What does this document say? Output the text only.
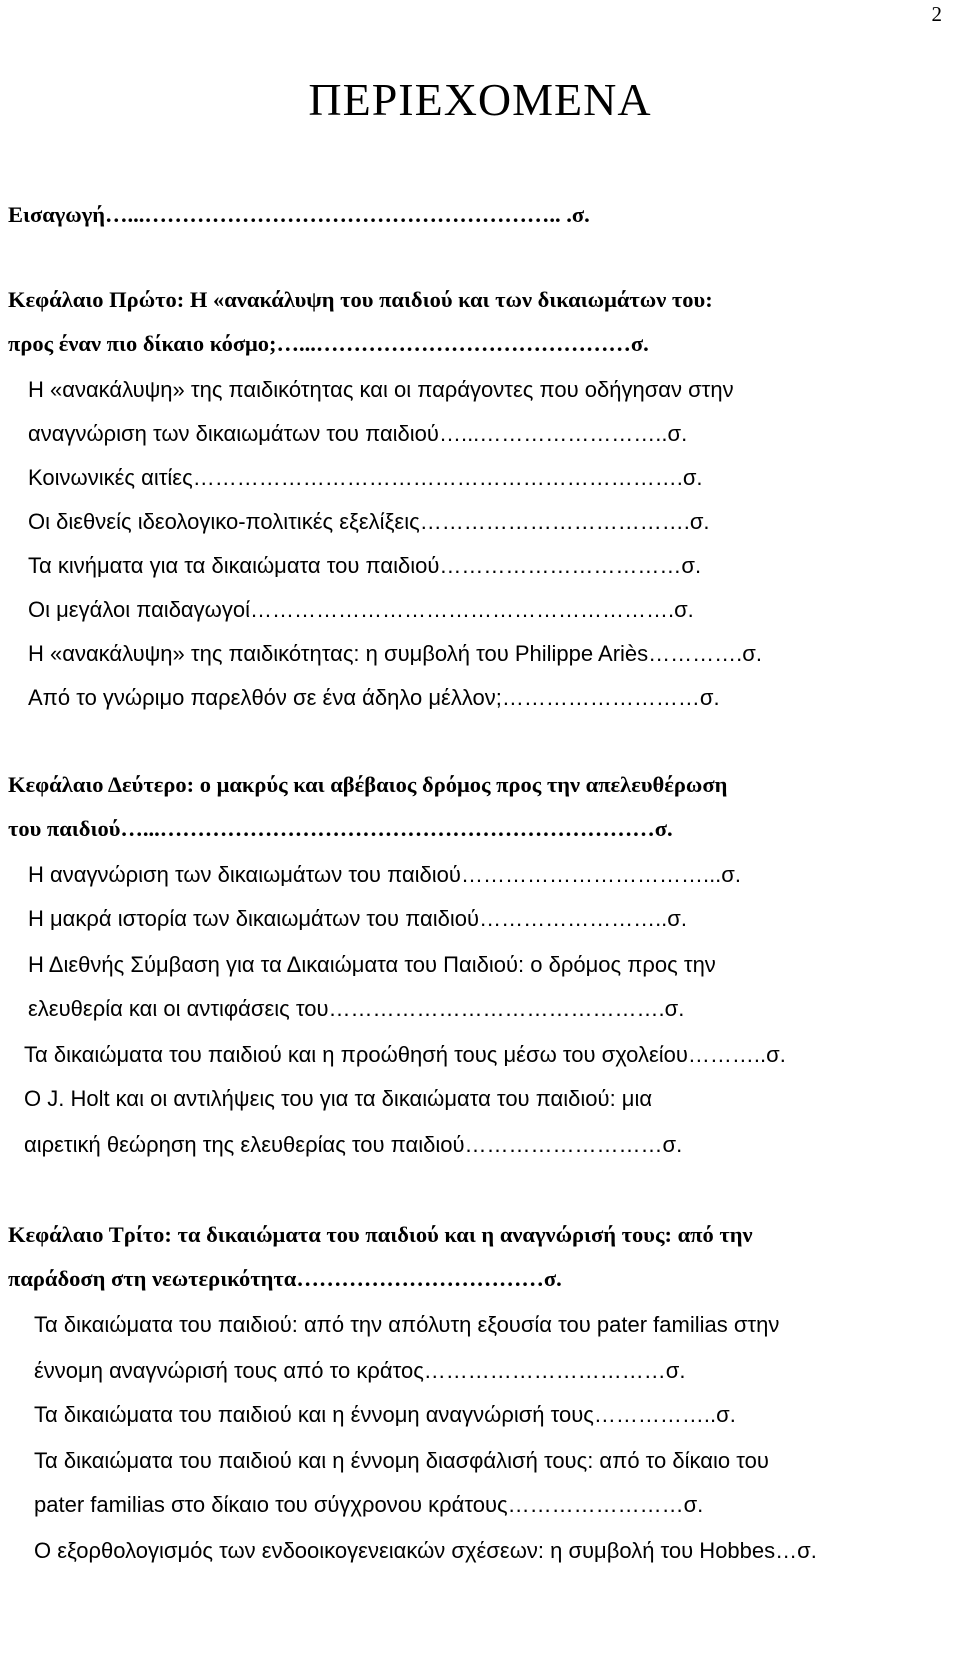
2
ΠΕΡΙΕΧΟΜΕΝΑ
Εισαγωγή…...……………………………………………….. .σ.
Κεφάλαιο Πρώτο: Η «ανακάλυψη του παιδιού και των δικαιωμάτων του:
προς έναν πιο δίκαιο κόσμο;…...……………………………………σ.
Η «ανακάλυψη» της παιδικότητας και οι παράγοντες που οδήγησαν στην
αναγνώριση των δικαιωμάτων του παιδιού…...……………………..σ.
Κοινωνικές αιτίες………………………………………………………….σ.
Οι διεθνείς ιδεολογικο-πολιτικές εξελίξεις……………………………….σ.
Τα κινήματα για τα δικαιώματα του παιδιού……………………………σ.
Οι μεγάλοι παιδαγωγοί………………………………………………….σ.
Η «ανακάλυψη» της παιδικότητας: η συμβολή του Philippe Ariès………….σ.
Από το γνώριμο παρελθόν σε ένα άδηλο μέλλον;………………………σ.
Κεφάλαιο Δεύτερο: ο μακρύς και αβέβαιος δρόμος προς την απελευθέρωση
του παιδιού…...…………………………………………………………σ.
Η αναγνώριση των δικαιωμάτων του παιδιού……………………………...σ.
Η μακρά ιστορία των δικαιωμάτων του παιδιού……………………..σ.
Η Διεθνής Σύμβαση για τα Δικαιώματα του Παιδιού: ο δρόμος προς την
ελευθερία και οι αντιφάσεις του……………………………………….σ.
Τα δικαιώματα του παιδιού και η προώθησή τους μέσω του σχολείου………..σ.
Ο J. Holt και οι αντιλήψεις του για τα δικαιώματα του παιδιού: μια
αιρετική θεώρηση της ελευθερίας του παιδιού………………………σ.
Κεφάλαιο Τρίτο: τα δικαιώματα του παιδιού και η αναγνώρισή τους: από την
παράδοση στη νεωτερικότητα……………………………σ.
Τα δικαιώματα του παιδιού: από την απόλυτη εξουσία του pater familias στην
έννομη αναγνώρισή τους από το κράτος……………………………σ.
Τα δικαιώματα του παιδιού και η έννομη αναγνώρισή τους……………..σ.
Τα δικαιώματα του παιδιού και η έννομη διασφάλισή τους: από το δίκαιο του
pater familias στο δίκαιο του σύγχρονου κράτους……………………σ.
Ο εξορθολογισμός των ενδοοικογενειακών σχέσεων: η συμβολή του Hobbes…σ.
